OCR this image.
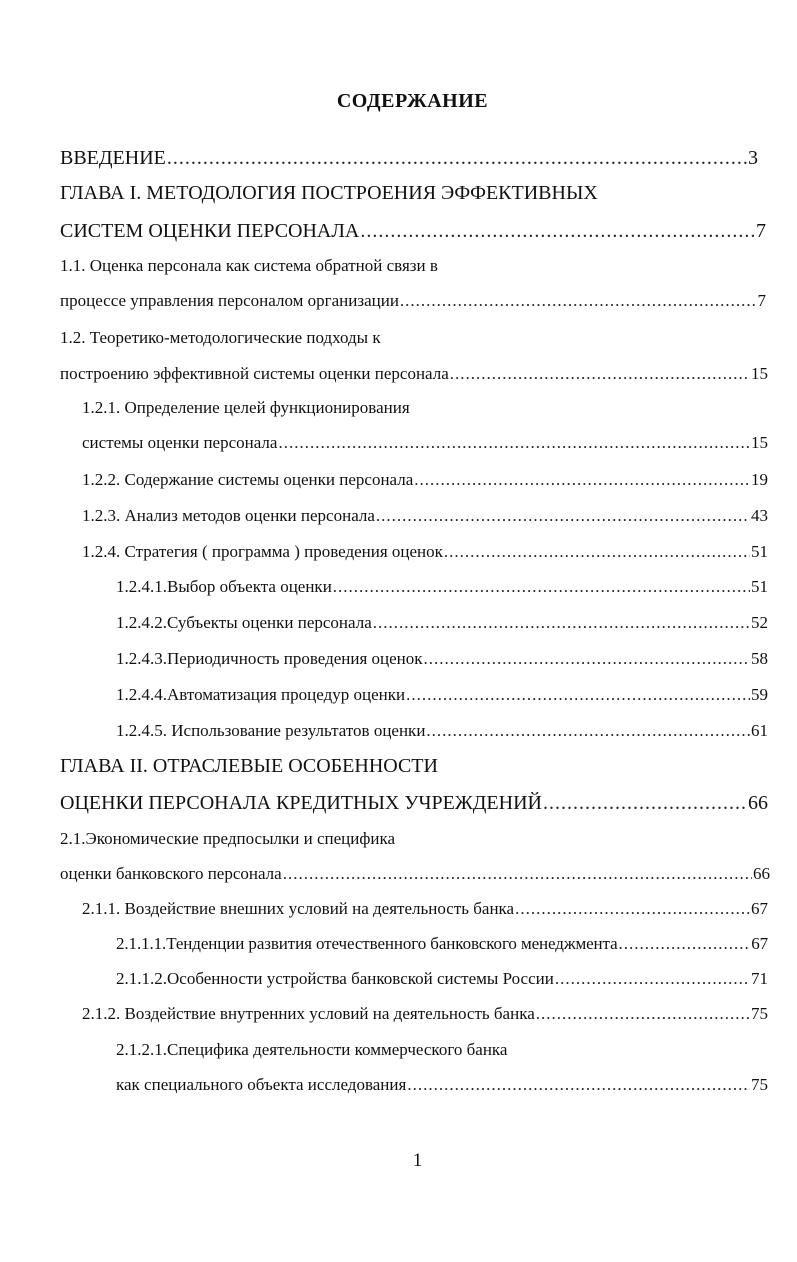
СОДЕРЖАНИЕ
ВВЕДЕНИЕ .....	3
ГЛАВА I. МЕТОДОЛОГИЯ ПОСТРОЕНИЯ ЭФФЕКТИВНЫХ
СИСТЕМ ОЦЕНКИ ПЕРСОНАЛА .....	7
1.1. Оценка персонала как система обратной связи в
процессе управления персоналом организации .....	7
1.2. Теоретико-методологические подходы к
построению эффективной системы оценки персонала .....	15
1.2.1. Определение целей функционирования
системы оценки персонала .....	15
1.2.2. Содержание системы оценки персонала .....	19
1.2.3. Анализ методов оценки персонала .....	43
1.2.4. Стратегия ( программа ) проведения оценок .....	51
1.2.4.1.Выбор объекта оценки .....	51
1.2.4.2.Субъекты оценки персонала .....	52
1.2.4.3.Периодичность проведения оценок .....	58
1.2.4.4.Автоматизация процедур оценки .....	59
1.2.4.5. Использование результатов оценки .....	61
ГЛАВА II. ОТРАСЛЕВЫЕ ОСОБЕННОСТИ
ОЦЕНКИ ПЕРСОНАЛА КРЕДИТНЫХ УЧРЕЖДЕНИЙ .....	66
2.1.Экономические предпосылки и специфика
оценки банковского персонала .....	66
2.1.1. Воздействие внешних условий на деятельность банка .....	67
2.1.1.1.Тенденции развития отечественного банковского менеджмента .....	67
2.1.1.2.Особенности устройства банковской системы России .....	71
2.1.2. Воздействие внутренних условий на деятельность банка .....	75
2.1.2.1.Специфика деятельности коммерческого банка
как специального объекта исследования .....	75
1
